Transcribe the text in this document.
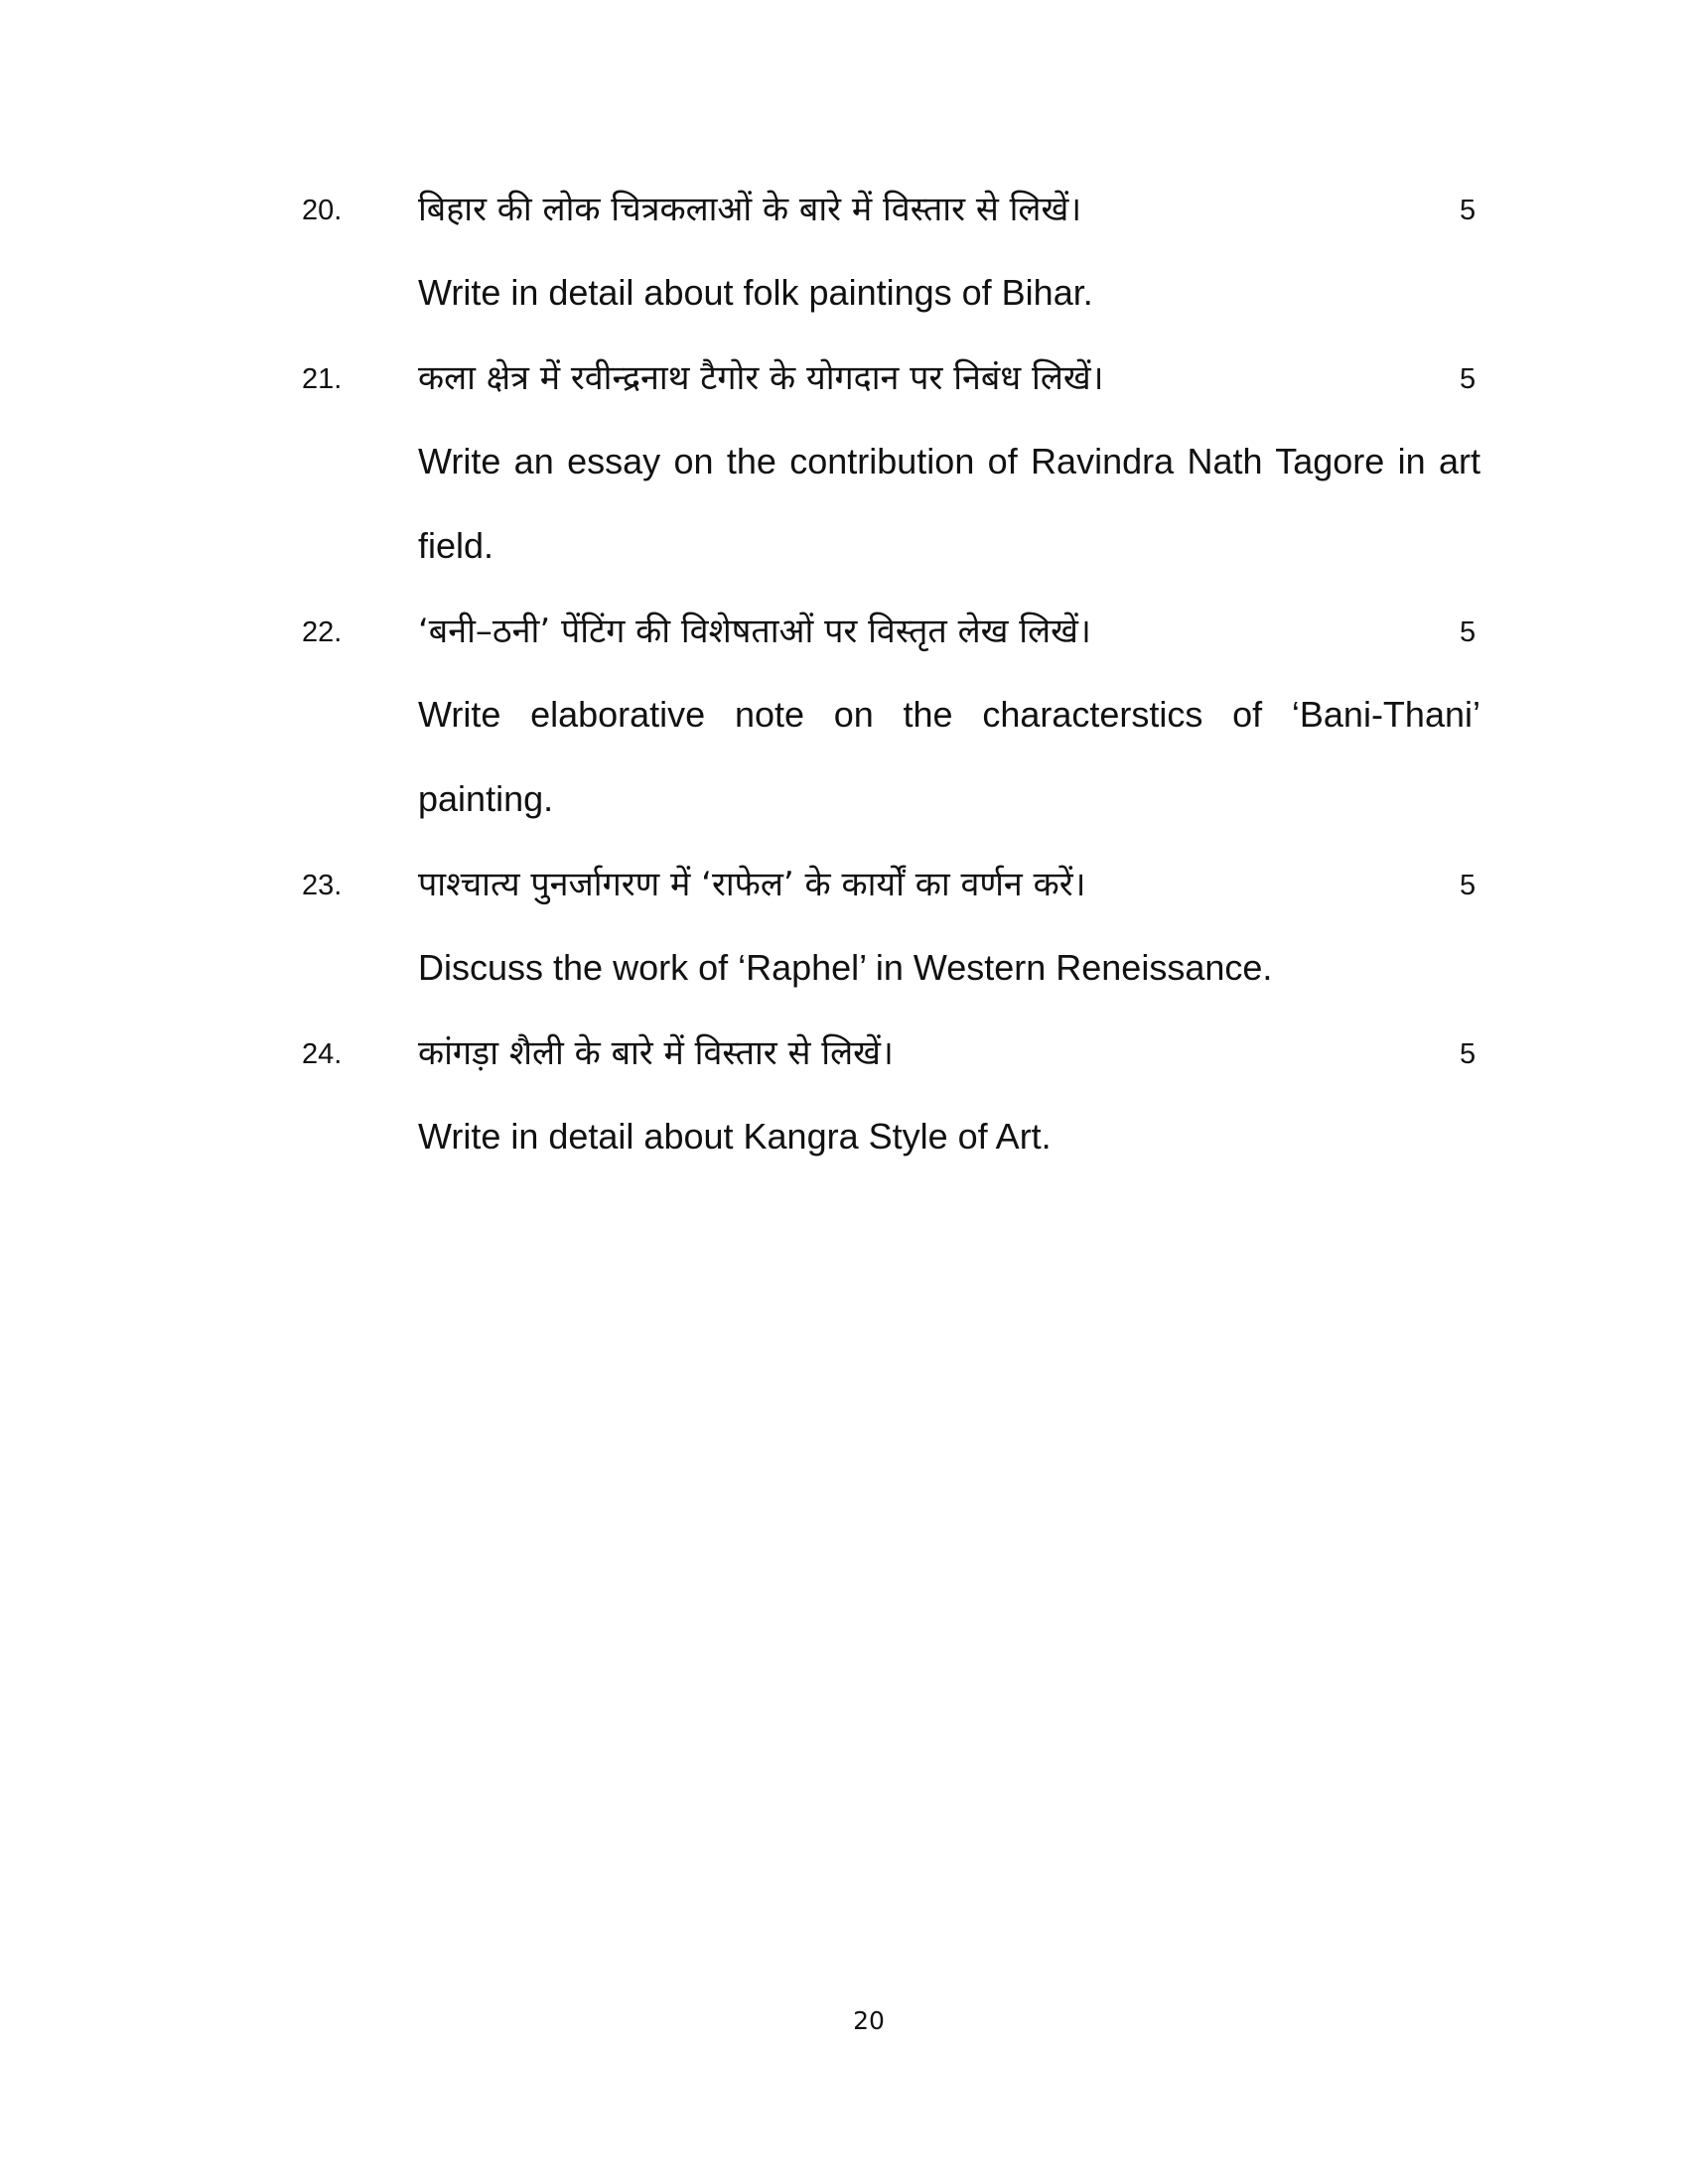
20. बिहार की लोक चित्रकलाओं के बारे में विस्तार से लिखें।	5
Write in detail about folk paintings of Bihar.
21. कला क्षेत्र में रवीन्द्रनाथ टैगोर के योगदान पर निबंध लिखें।	5
Write an essay on the contribution of Ravindra Nath Tagore in art field.
22. ‘बनी–ठनी’ पेंटिंग की विशेषताओं पर विस्तृत लेख लिखें।	5
Write elaborative note on the characterstics of ‘Bani-Thani’ painting.
23. पाश्चात्य पुनर्जागरण में ‘राफेल’ के कार्यों का वर्णन करें।	5
Discuss the work of ‘Raphel’ in Western Reneissance.
24. कांगड़ा शैली के बारे में विस्तार से लिखें।	5
Write in detail about Kangra Style of Art.
20
